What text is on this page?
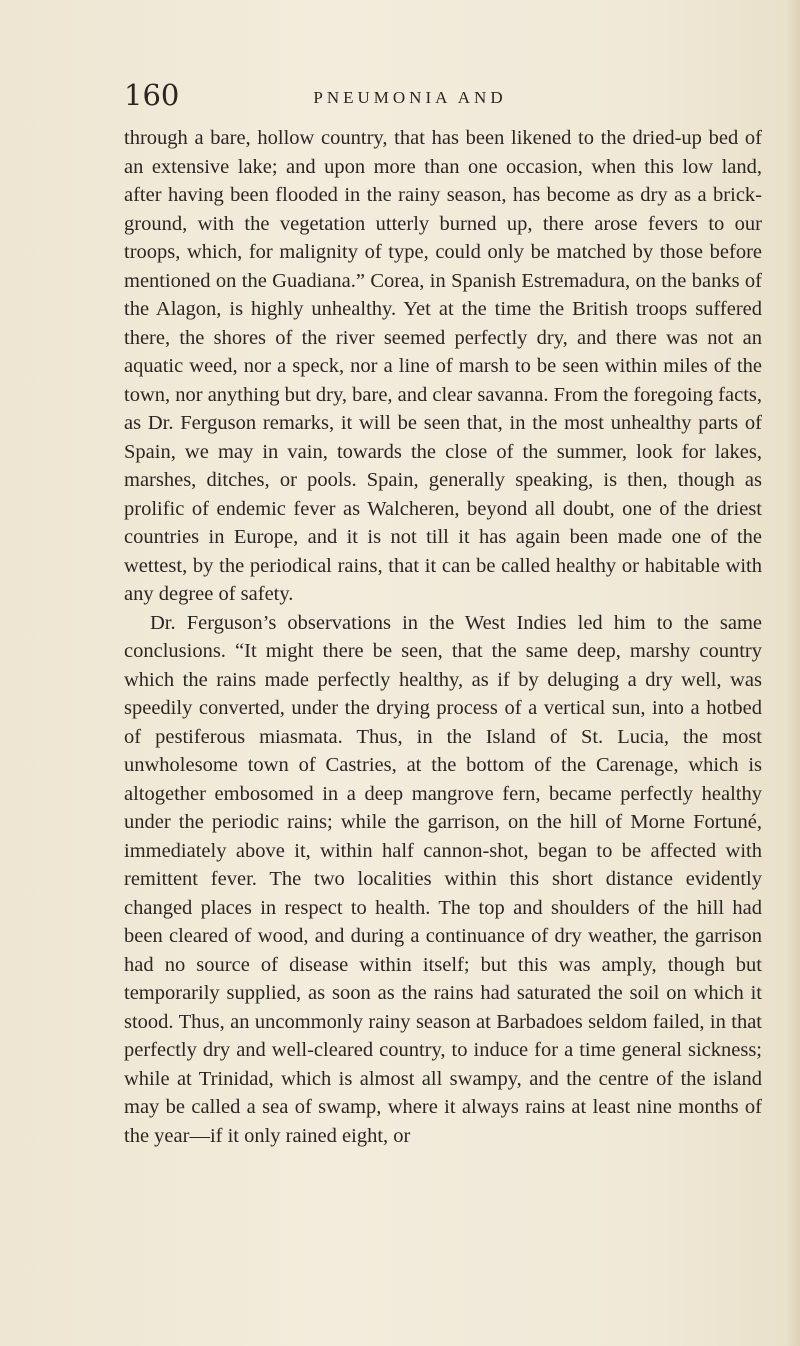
160	PNEUMONIA AND

through a bare, hollow country, that has been likened to the dried-up bed of an extensive lake; and upon more than one occasion, when this low land, after having been flooded in the rainy season, has become as dry as a brick-ground, with the vegetation utterly burned up, there arose fevers to our troops, which, for malignity of type, could only be matched by those before mentioned on the Guadiana.” Corea, in Spanish Estremadura, on the banks of the Alagon, is highly unhealthy. Yet at the time the British troops suffered there, the shores of the river seemed perfectly dry, and there was not an aquatic weed, nor a speck, nor a line of marsh to be seen within miles of the town, nor anything but dry, bare, and clear savanna. From the foregoing facts, as Dr. Ferguson remarks, it will be seen that, in the most unhealthy parts of Spain, we may in vain, towards the close of the summer, look for lakes, marshes, ditches, or pools. Spain, generally speaking, is then, though as prolific of endemic fever as Walcheren, beyond all doubt, one of the driest countries in Europe, and it is not till it has again been made one of the wettest, by the periodical rains, that it can be called healthy or habitable with any degree of safety.

Dr. Ferguson’s observations in the West Indies led him to the same conclusions. “It might there be seen, that the same deep, marshy country which the rains made perfectly healthy, as if by deluging a dry well, was speedily converted, under the drying process of a vertical sun, into a hotbed of pestiferous miasmata. Thus, in the Island of St. Lucia, the most unwholesome town of Castries, at the bottom of the Carenage, which is altogether embosomed in a deep mangrove fern, became perfectly healthy under the periodic rains; while the garrison, on the hill of Morne Fortuné, immediately above it, within half cannon-shot, began to be affected with remittent fever. The two localities within this short distance evidently changed places in respect to health. The top and shoulders of the hill had been cleared of wood, and during a continuance of dry weather, the garrison had no source of disease within itself; but this was amply, though but temporarily supplied, as soon as the rains had saturated the soil on which it stood. Thus, an uncommonly rainy season at Barbadoes seldom failed, in that perfectly dry and well-cleared country, to induce for a time general sickness; while at Trinidad, which is almost all swampy, and the centre of the island may be called a sea of swamp, where it always rains at least nine months of the year—if it only rained eight, or
